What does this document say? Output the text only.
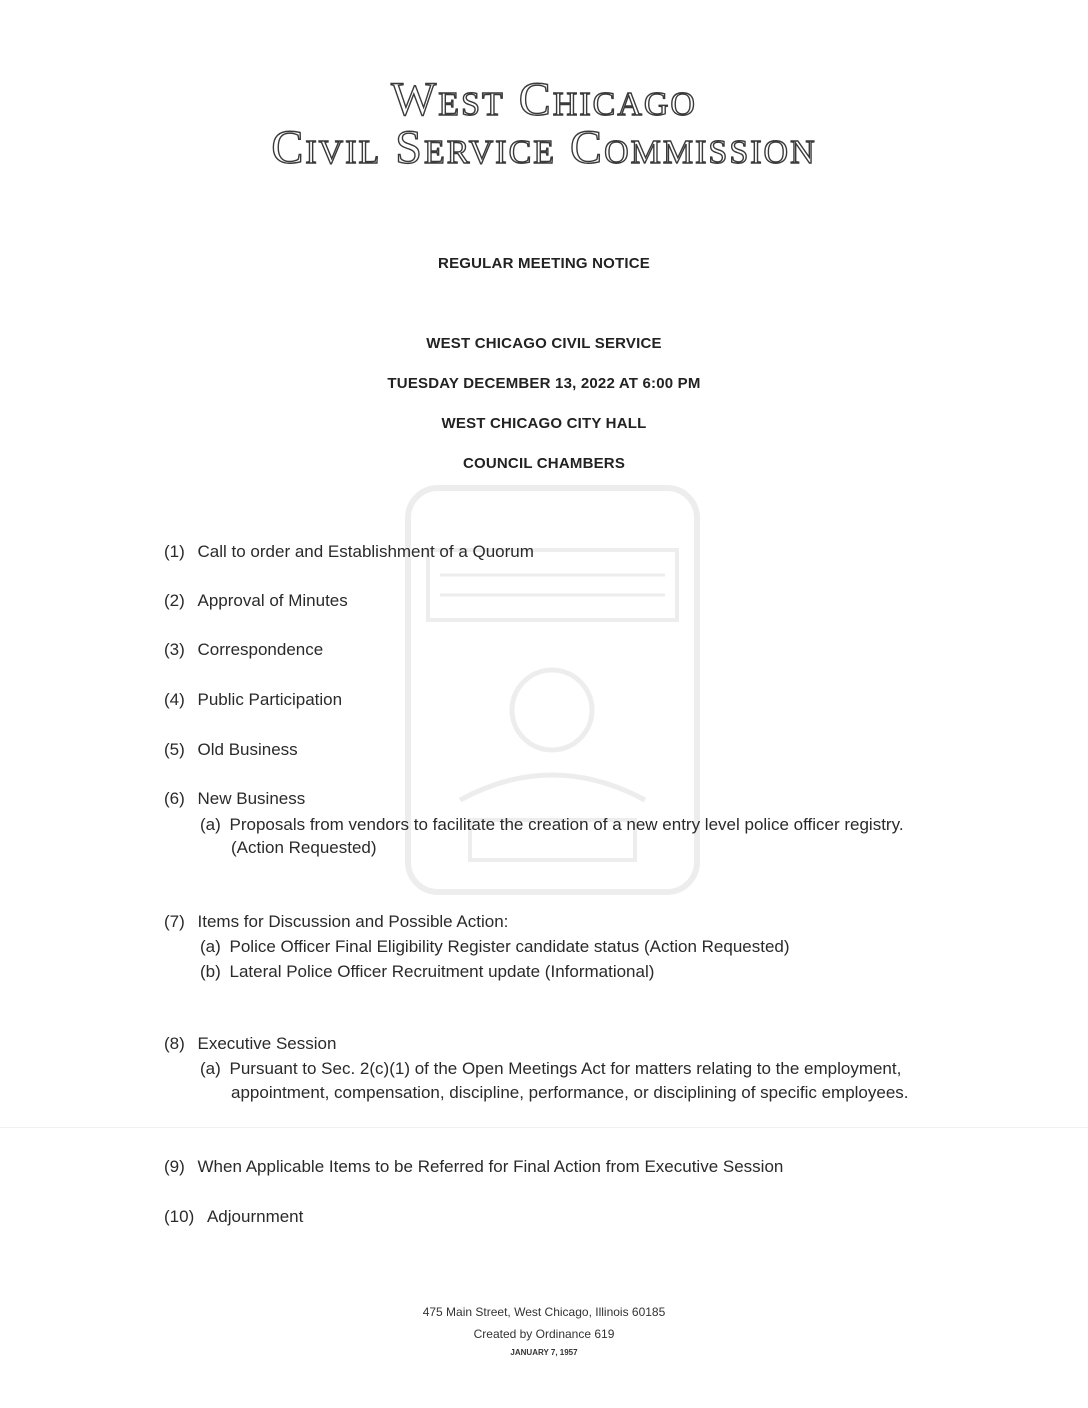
West Chicago
Civil Service Commission
REGULAR MEETING NOTICE
WEST CHICAGO CIVIL SERVICE
TUESDAY DECEMBER 13, 2022 AT 6:00 PM
WEST CHICAGO CITY HALL
COUNCIL CHAMBERS
(1) Call to order and Establishment of a Quorum
(2) Approval of Minutes
(3) Correspondence
(4) Public Participation
(5) Old Business
(6) New Business
(a) Proposals from vendors to facilitate the creation of a new entry level police officer registry.
(Action Requested)
(7) Items for Discussion and Possible Action:
(a) Police Officer Final Eligibility Register candidate status (Action Requested)
(b) Lateral Police Officer Recruitment update (Informational)
(8) Executive Session
(a) Pursuant to Sec. 2(c)(1) of the Open Meetings Act for matters relating to the employment,
appointment, compensation, discipline, performance, or disciplining of specific employees.
(9) When Applicable Items to be Referred for Final Action from Executive Session
(10) Adjournment
475 Main Street, West Chicago, Illinois 60185
Created by Ordinance 619
JANUARY 7, 1957
